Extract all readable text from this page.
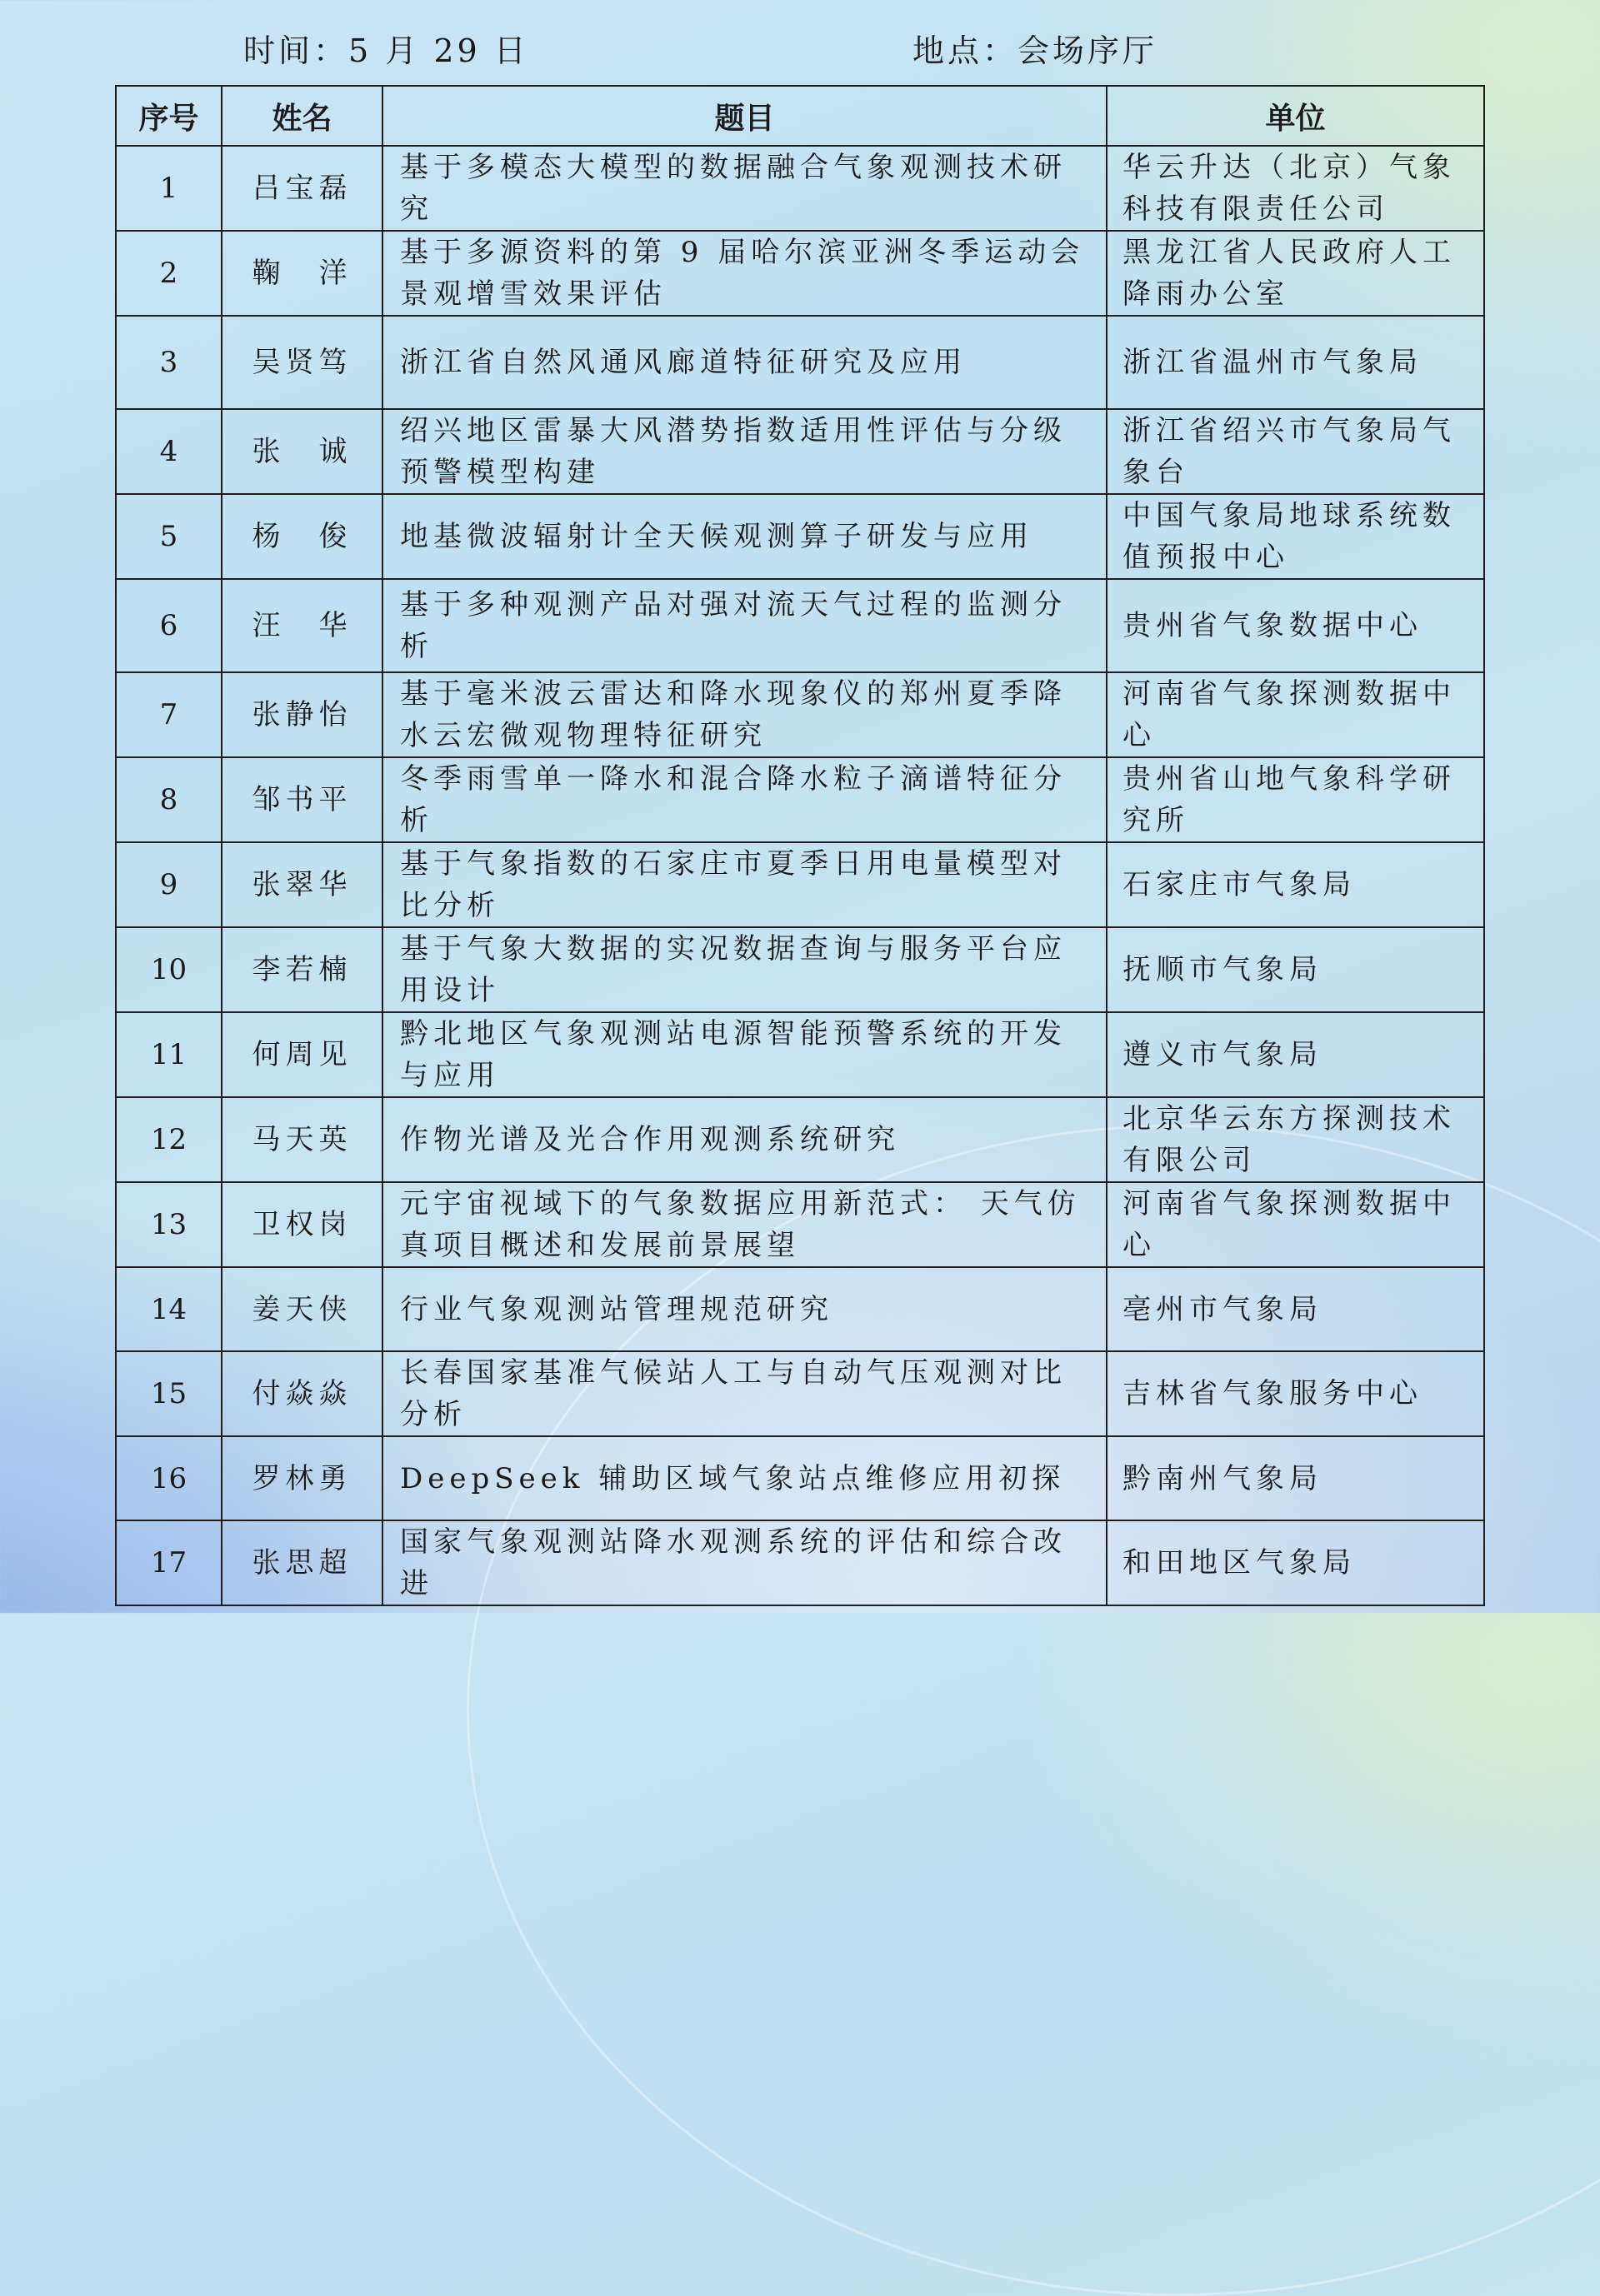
时间：5 月 29 日	地点：会场序厅
序号	姓名	题目	单位
1	吕宝磊	基于多模态大模型的数据融合气象观测技术研究	华云升达（北京）气象科技有限责任公司
2	鞠　洋	基于多源资料的第 9 届哈尔滨亚洲冬季运动会景观增雪效果评估	黑龙江省人民政府人工降雨办公室
3	吴贤笃	浙江省自然风通风廊道特征研究及应用	浙江省温州市气象局
4	张　诚	绍兴地区雷暴大风潜势指数适用性评估与分级预警模型构建	浙江省绍兴市气象局气象台
5	杨　俊	地基微波辐射计全天候观测算子研发与应用	中国气象局地球系统数值预报中心
6	汪　华	基于多种观测产品对强对流天气过程的监测分析	贵州省气象数据中心
7	张静怡	基于毫米波云雷达和降水现象仪的郑州夏季降水云宏微观物理特征研究	河南省气象探测数据中心
8	邹书平	冬季雨雪单一降水和混合降水粒子滴谱特征分析	贵州省山地气象科学研究所
9	张翠华	基于气象指数的石家庄市夏季日用电量模型对比分析	石家庄市气象局
10	李若楠	基于气象大数据的实况数据查询与服务平台应用设计	抚顺市气象局
11	何周见	黔北地区气象观测站电源智能预警系统的开发与应用	遵义市气象局
12	马天英	作物光谱及光合作用观测系统研究	北京华云东方探测技术有限公司
13	卫权岗	元宇宙视域下的气象数据应用新范式： 天气仿真项目概述和发展前景展望	河南省气象探测数据中心
14	姜天侠	行业气象观测站管理规范研究	亳州市气象局
15	付焱焱	长春国家基准气候站人工与自动气压观测对比分析	吉林省气象服务中心
16	罗林勇	DeepSeek 辅助区域气象站点维修应用初探	黔南州气象局
17	张思超	国家气象观测站降水观测系统的评估和综合改进	和田地区气象局
